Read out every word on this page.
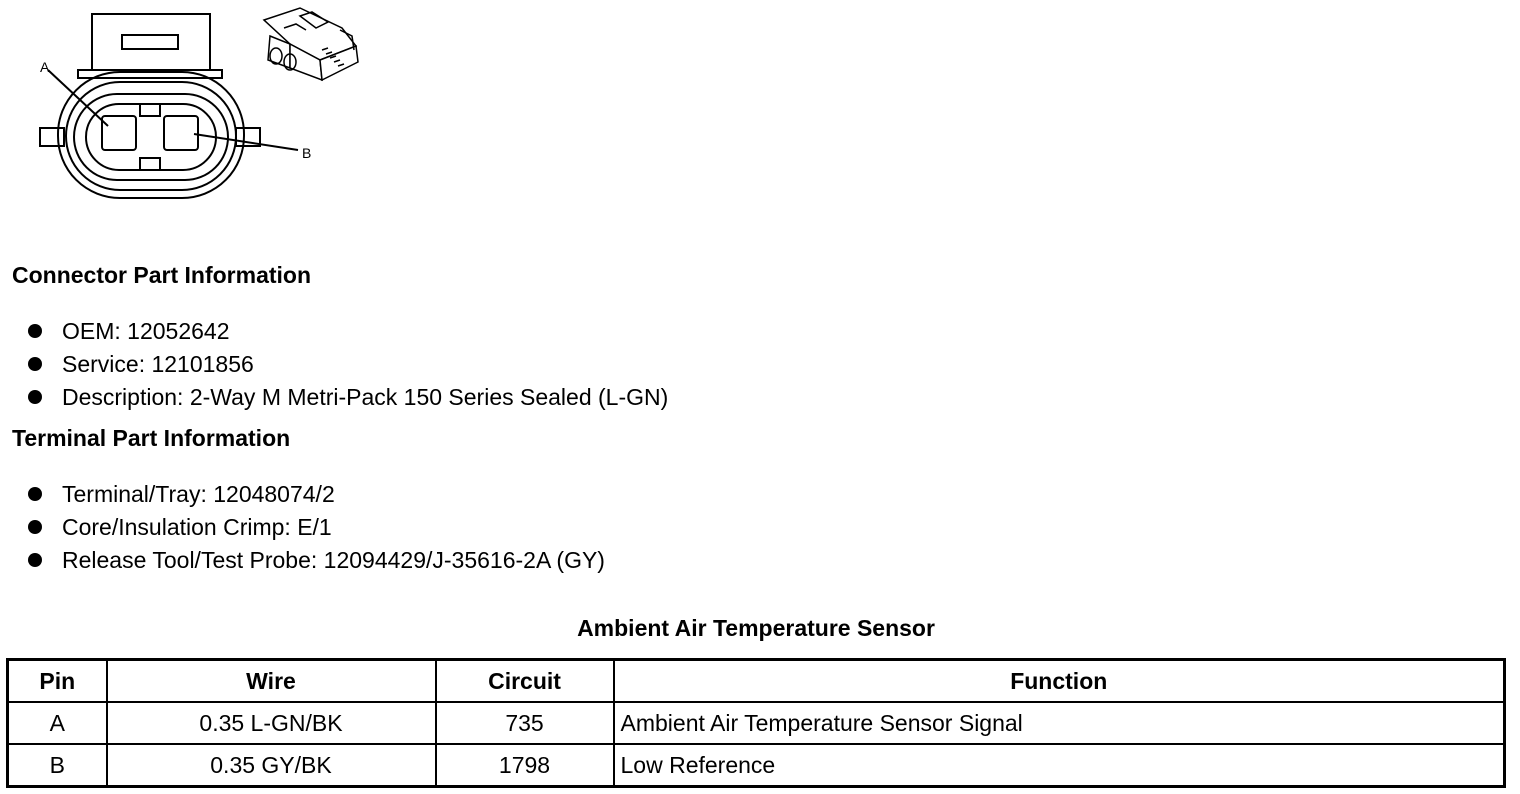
A
B
Connector Part Information
OEM: 12052642
Service: 12101856
Description: 2-Way M Metri-Pack 150 Series Sealed (L-GN)
Terminal Part Information
Terminal/Tray: 12048074/2
Core/Insulation Crimp: E/1
Release Tool/Test Probe: 12094429/J-35616-2A (GY)
Ambient Air Temperature Sensor
Pin	Wire	Circuit	Function
A	0.35 L-GN/BK	735	Ambient Air Temperature Sensor Signal
B	0.35 GY/BK	1798	Low Reference
